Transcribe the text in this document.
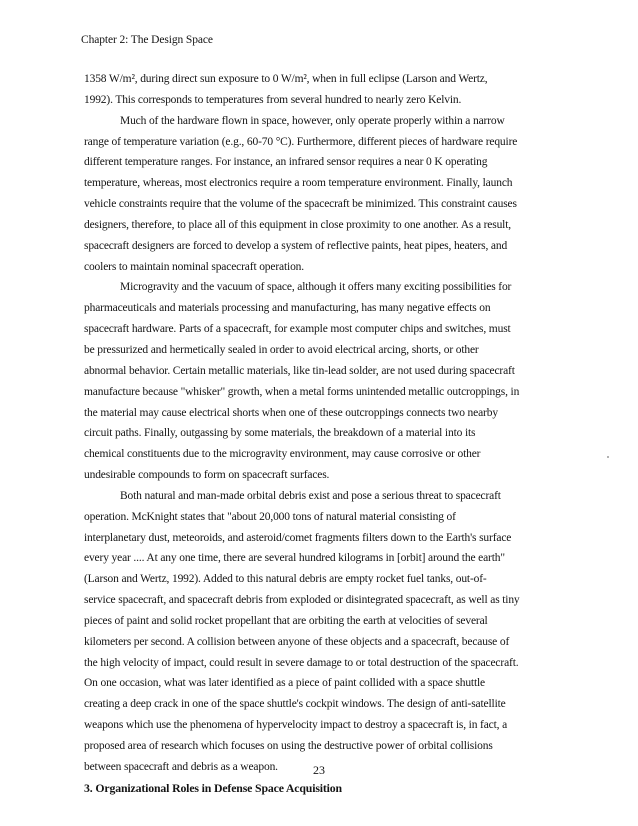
Chapter 2: The Design Space
1358 W/m², during direct sun exposure to 0 W/m², when in full eclipse (Larson and Wertz,
1992). This corresponds to temperatures from several hundred to nearly zero Kelvin.
Much of the hardware flown in space, however, only operate properly within a narrow
range of temperature variation (e.g., 60-70 °C). Furthermore, different pieces of hardware require
different temperature ranges. For instance, an infrared sensor requires a near 0 K operating
temperature, whereas, most electronics require a room temperature environment. Finally, launch
vehicle constraints require that the volume of the spacecraft be minimized. This constraint causes
designers, therefore, to place all of this equipment in close proximity to one another. As a result,
spacecraft designers are forced to develop a system of reflective paints, heat pipes, heaters, and
coolers to maintain nominal spacecraft operation.
Microgravity and the vacuum of space, although it offers many exciting possibilities for
pharmaceuticals and materials processing and manufacturing, has many negative effects on
spacecraft hardware. Parts of a spacecraft, for example most computer chips and switches, must
be pressurized and hermetically sealed in order to avoid electrical arcing, shorts, or other
abnormal behavior. Certain metallic materials, like tin-lead solder, are not used during spacecraft
manufacture because "whisker" growth, when a metal forms unintended metallic outcroppings, in
the material may cause electrical shorts when one of these outcroppings connects two nearby
circuit paths. Finally, outgassing by some materials, the breakdown of a material into its
chemical constituents due to the microgravity environment, may cause corrosive or other
undesirable compounds to form on spacecraft surfaces.
Both natural and man-made orbital debris exist and pose a serious threat to spacecraft
operation. McKnight states that "about 20,000 tons of natural material consisting of
interplanetary dust, meteoroids, and asteroid/comet fragments filters down to the Earth's surface
every year .... At any one time, there are several hundred kilograms in [orbit] around the earth"
(Larson and Wertz, 1992). Added to this natural debris are empty rocket fuel tanks, out-of-
service spacecraft, and spacecraft debris from exploded or disintegrated spacecraft, as well as tiny
pieces of paint and solid rocket propellant that are orbiting the earth at velocities of several
kilometers per second. A collision between anyone of these objects and a spacecraft, because of
the high velocity of impact, could result in severe damage to or total destruction of the spacecraft.
On one occasion, what was later identified as a piece of paint collided with a space shuttle
creating a deep crack in one of the space shuttle's cockpit windows. The design of anti-satellite
weapons which use the phenomena of hypervelocity impact to destroy a spacecraft is, in fact, a
proposed area of research which focuses on using the destructive power of orbital collisions
between spacecraft and debris as a weapon.
3. Organizational Roles in Defense Space Acquisition
23
